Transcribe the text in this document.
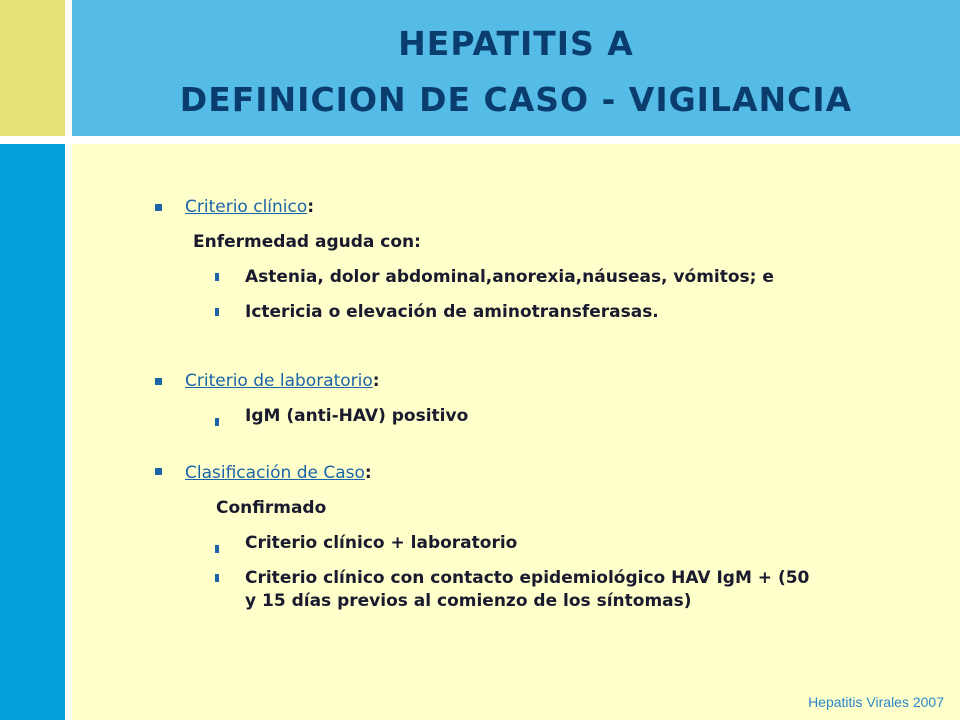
HEPATITIS A
DEFINICION DE CASO - VIGILANCIA
Criterio clínico:
Enfermedad aguda con:
Astenia, dolor abdominal,anorexia,náuseas, vómitos; e
Ictericia o elevación de aminotransferasas.
Criterio de laboratorio:
IgM (anti-HAV) positivo
Clasificación de Caso:
Confirmado
Criterio clínico + laboratorio
Criterio clínico con contacto epidemiológico HAV IgM + (50
y 15 días previos al comienzo de los síntomas)
Hepatitis Virales 2007
